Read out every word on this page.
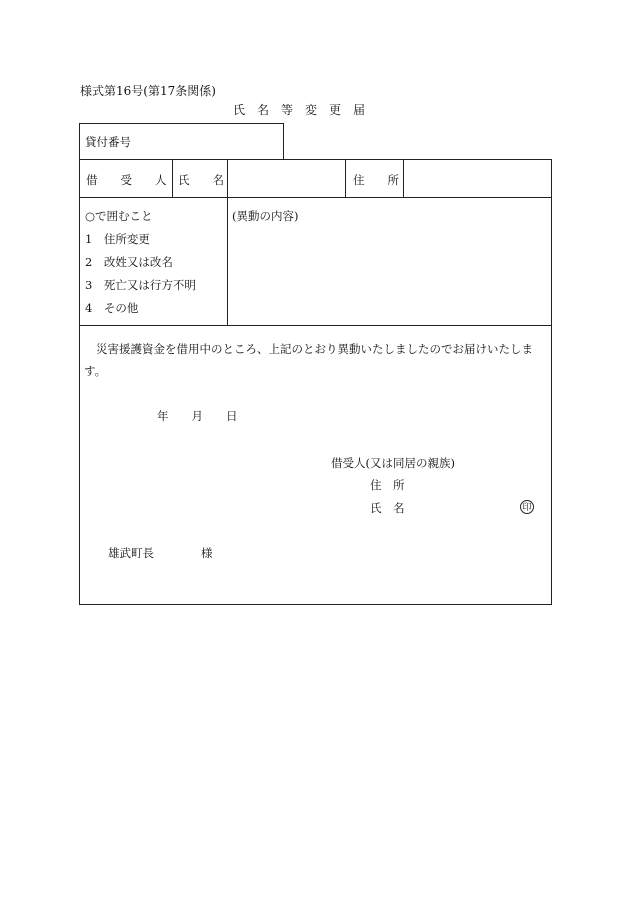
様式第16号(第17条関係)
氏　名　等　変　更　届
貸付番号
借　　受　　人 氏　　名	住　　所
○で囲むこと
1　住所変更
2　改姓又は改名
3　死亡又は行方不明
4　その他
(異動の内容)
災害援護資金を借用中のところ、上記のとおり異動いたしましたのでお届けいたします。
年　　月　　日
借受人(又は同居の親族)
住　所
氏　名	印
雄武町長	様
